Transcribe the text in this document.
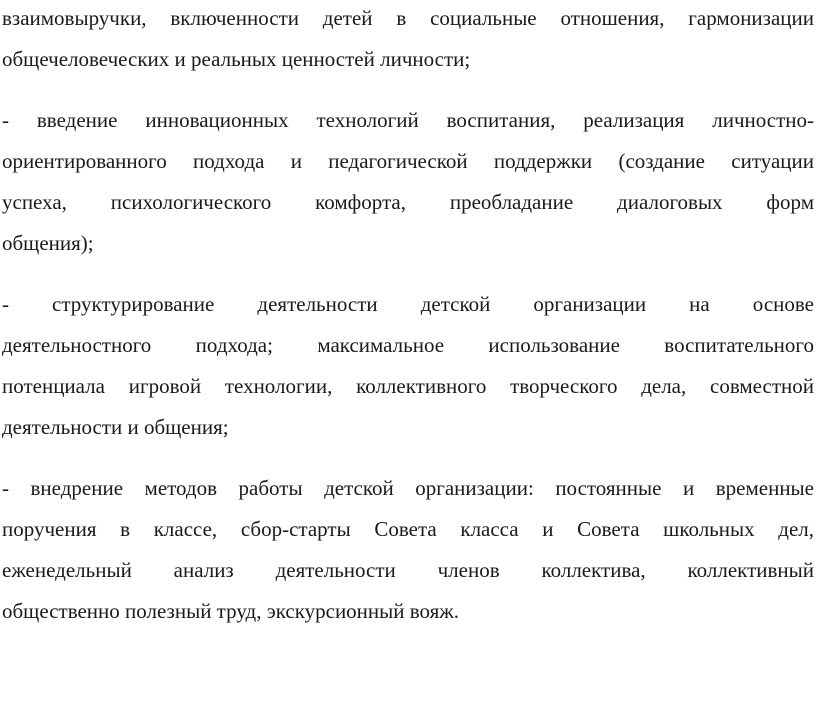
взаимовыручки, включенности детей в социальные отношения, гармонизации
общечеловеческих и реальных ценностей личности;
- введение инновационных технологий воспитания, реализация личностно-
ориентированного подхода и педагогической поддержки (создание ситуации
успеха, психологического комфорта, преобладание диалоговых форм
общения);
- структурирование деятельности детской организации на основе
деятельностного подхода; максимальное использование воспитательного
потенциала игровой технологии, коллективного творческого дела, совместной
деятельности и общения;
- внедрение методов работы детской организации: постоянные и временные
поручения в классе, сбор-старты Совета класса и Совета школьных дел,
еженедельный анализ деятельности членов коллектива, коллективный
общественно полезный труд, экскурсионный вояж.
